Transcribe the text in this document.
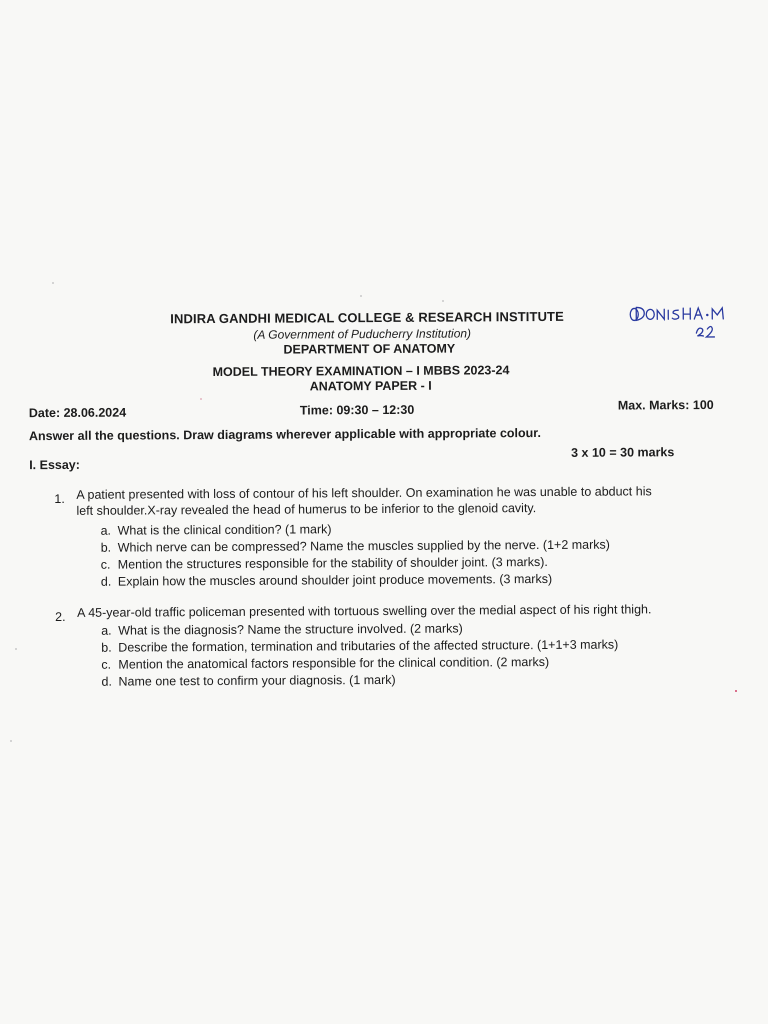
INDIRA GANDHI MEDICAL COLLEGE & RESEARCH INSTITUTE
(A Government of Puducherry Institution)
DEPARTMENT OF ANATOMY
MODEL THEORY EXAMINATION – I MBBS 2023-24
ANATOMY PAPER - I
Date: 28.06.2024	Time: 09:30 – 12:30	Max. Marks: 100
Answer all the questions. Draw diagrams wherever applicable with appropriate colour.
I. Essay:
3 x 10 = 30 marks
1. A patient presented with loss of contour of his left shoulder. On examination he was unable to abduct his
left shoulder.X-ray revealed the head of humerus to be inferior to the glenoid cavity.
a. What is the clinical condition? (1 mark)
b. Which nerve can be compressed? Name the muscles supplied by the nerve. (1+2 marks)
c. Mention the structures responsible for the stability of shoulder joint. (3 marks).
d. Explain how the muscles around shoulder joint produce movements. (3 marks)
2. A 45-year-old traffic policeman presented with tortuous swelling over the medial aspect of his right thigh.
a. What is the diagnosis? Name the structure involved. (2 marks)
b. Describe the formation, termination and tributaries of the affected structure. (1+1+3 marks)
c. Mention the anatomical factors responsible for the clinical condition. (2 marks)
d. Name one test to confirm your diagnosis. (1 mark)
